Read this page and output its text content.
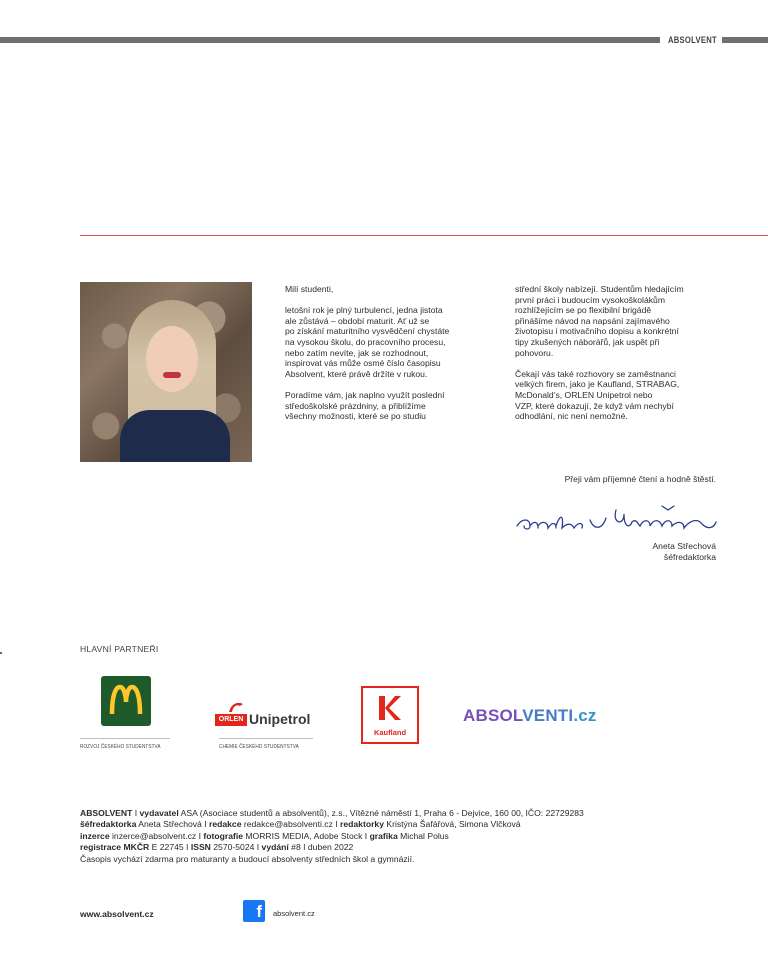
ABSOLVENT

Milí studenti,

letošní rok je plný turbulencí, jedna jistota
ale zůstává – období maturit. Ať už se
po získání maturitního vysvědčení chystáte
na vysokou školu, do pracovního procesu,
nebo zatím nevíte, jak se rozhodnout,
inspirovat vás může osmé číslo časopisu
Absolvent, které právě držíte v rukou.

Poradíme vám, jak naplno využít poslední
středoškolské prázdniny, a přiblížíme
všechny možnosti, které se po studiu

střední školy nabízejí. Studentům hledajícím
první práci i budoucím vysokoškolákům
rozhlížejícím se po flexibilní brigádě
přinášíme návod na napsání zajímavého
životopisu i motivačního dopisu a konkrétní
tipy zkušených náborářů, jak uspět při
pohovoru.

Čekají vás také rozhovory se zaměstnanci
velkých firem, jako je Kaufland, STRABAG,
McDonald’s, ORLEN Unipetrol nebo
VZP, které dokazují, že když vám nechybí
odhodlání, nic není nemožné.

Přeji vám příjemné čtení a hodně štěstí.
Aneta Střechová
šéfredaktorka
HLAVNÍ PARTNEŘI
ROZVOJ ČESKÉHO STUDENTSTVA
ORLEN Unipetrol
CHEMIE ČESKÉHO STUDENTSTVA
Kaufland
ABSOLVENTI.cz
ABSOLVENT I vydavatel ASA (Asociace studentů a absolventů), z.s., Vítězné náměstí 1, Praha 6 - Dejvice, 160 00, IČO: 22729283
šéfredaktorka Aneta Střechová I redakce redakce@absolventi.cz I redaktorky Kristýna Šafářová, Simona Vlčková
inzerce inzerce@absolvent.cz I fotografie MORRIS MEDIA, Adobe Stock I grafika Michal Polus
registrace MKČR E 22745 I ISSN 2570-5024 I vydání #8 I duben 2022
Časopis vychází zdarma pro maturanty a budoucí absolventy středních škol a gymnázií.
www.absolvent.cz	f	absolvent.cz
